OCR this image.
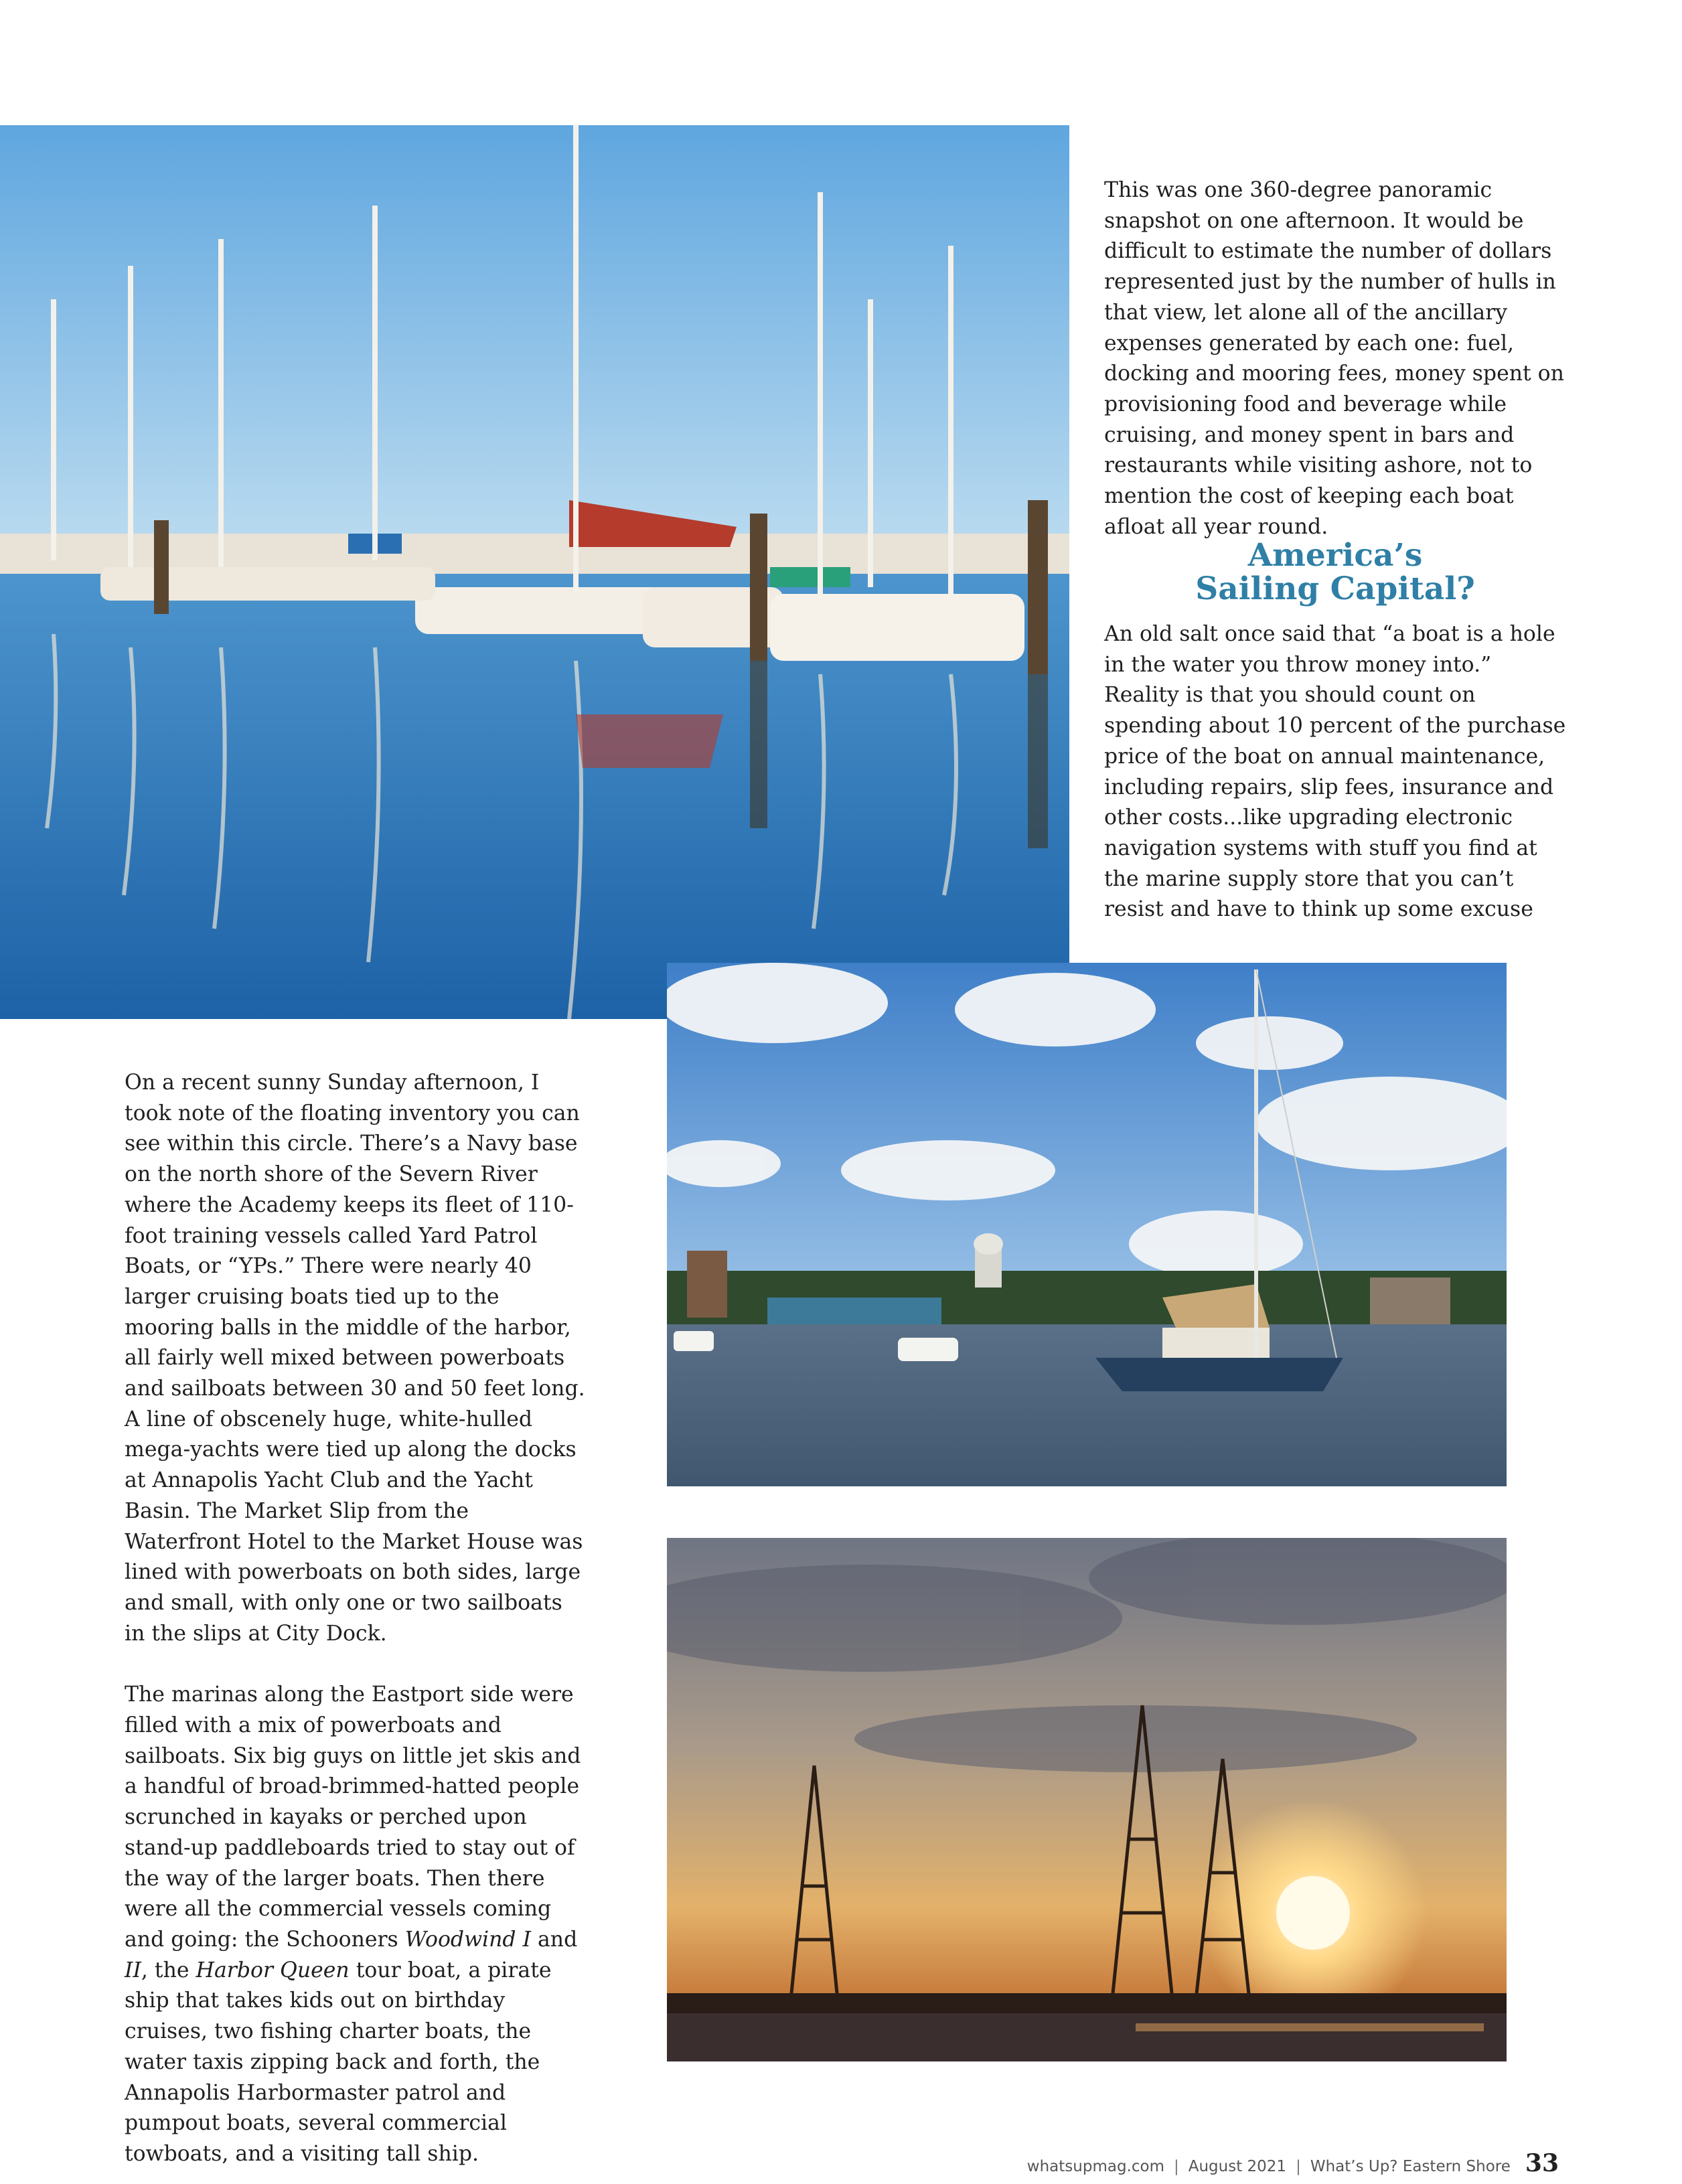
This was one 360-degree panoramic snapshot on one afternoon. It would be difficult to estimate the number of dollars represented just by the number of hulls in that view, let alone all of the ancillary expenses generated by each one: fuel, docking and mooring fees, money spent on provisioning food and beverage while cruising, and money spent in bars and restaurants while visiting ashore, not to mention the cost of keeping each boat afloat all year round.

America’s
Sailing Capital?

An old salt once said that “a boat is a hole in the water you throw money into.” Reality is that you should count on spending about 10 percent of the purchase price of the boat on annual maintenance, including repairs, slip fees, insurance and other costs...like upgrading electronic navigation systems with stuff you find at the marine supply store that you can’t resist and have to think up some excuse

On a recent sunny Sunday afternoon, I took note of the floating inventory you can see within this circle. There’s a Navy base on the north shore of the Severn River where the Academy keeps its fleet of 110-foot training vessels called Yard Patrol Boats, or “YPs.” There were nearly 40 larger cruising boats tied up to the mooring balls in the middle of the harbor, all fairly well mixed between powerboats and sailboats between 30 and 50 feet long. A line of obscenely huge, white-hulled mega-yachts were tied up along the docks at Annapolis Yacht Club and the Yacht Basin. The Market Slip from the Waterfront Hotel to the Market House was lined with powerboats on both sides, large and small, with only one or two sailboats in the slips at City Dock.

The marinas along the Eastport side were filled with a mix of powerboats and sailboats. Six big guys on little jet skis and a handful of broad-brimmed-hatted people scrunched in kayaks or perched upon stand-up paddleboards tried to stay out of the way of the larger boats. Then there were all the commercial vessels coming and going: the Schooners Woodwind I and II, the Harbor Queen tour boat, a pirate ship that takes kids out on birthday cruises, two fishing charter boats, the water taxis zipping back and forth, the Annapolis Harbormaster patrol and pumpout boats, several commercial towboats, and a visiting tall ship.

whatsupmag.com | August 2021 | What’s Up? Eastern Shore 33
